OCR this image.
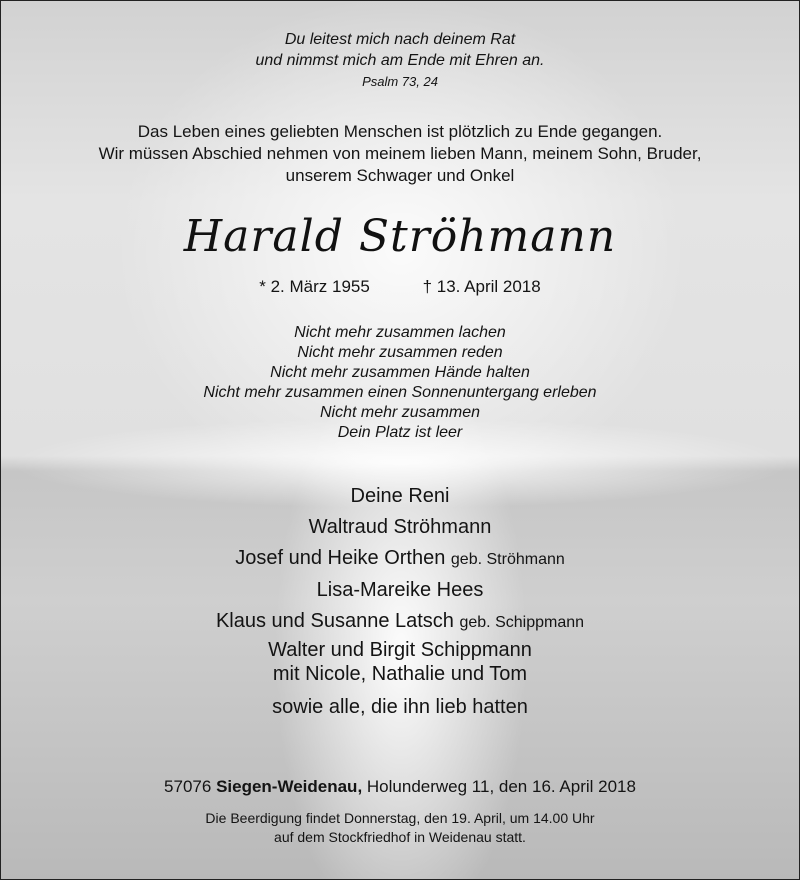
Du leitest mich nach deinem Rat
und nimmst mich am Ende mit Ehren an.
Psalm 73, 24
Das Leben eines geliebten Menschen ist plötzlich zu Ende gegangen.
Wir müssen Abschied nehmen von meinem lieben Mann, meinem Sohn, Bruder,
unserem Schwager und Onkel
Harald Ströhmann
* 2. März 1955	† 13. April 2018
Nicht mehr zusammen lachen
Nicht mehr zusammen reden
Nicht mehr zusammen Hände halten
Nicht mehr zusammen einen Sonnenuntergang erleben
Nicht mehr zusammen
Dein Platz ist leer
Deine Reni
Waltraud Ströhmann
Josef und Heike Orthen geb. Ströhmann
Lisa-Mareike Hees
Klaus und Susanne Latsch geb. Schippmann
Walter und Birgit Schippmann
mit Nicole, Nathalie und Tom
sowie alle, die ihn lieb hatten
57076 Siegen-Weidenau, Holunderweg 11, den 16. April 2018
Die Beerdigung findet Donnerstag, den 19. April, um 14.00 Uhr
auf dem Stockfriedhof in Weidenau statt.
